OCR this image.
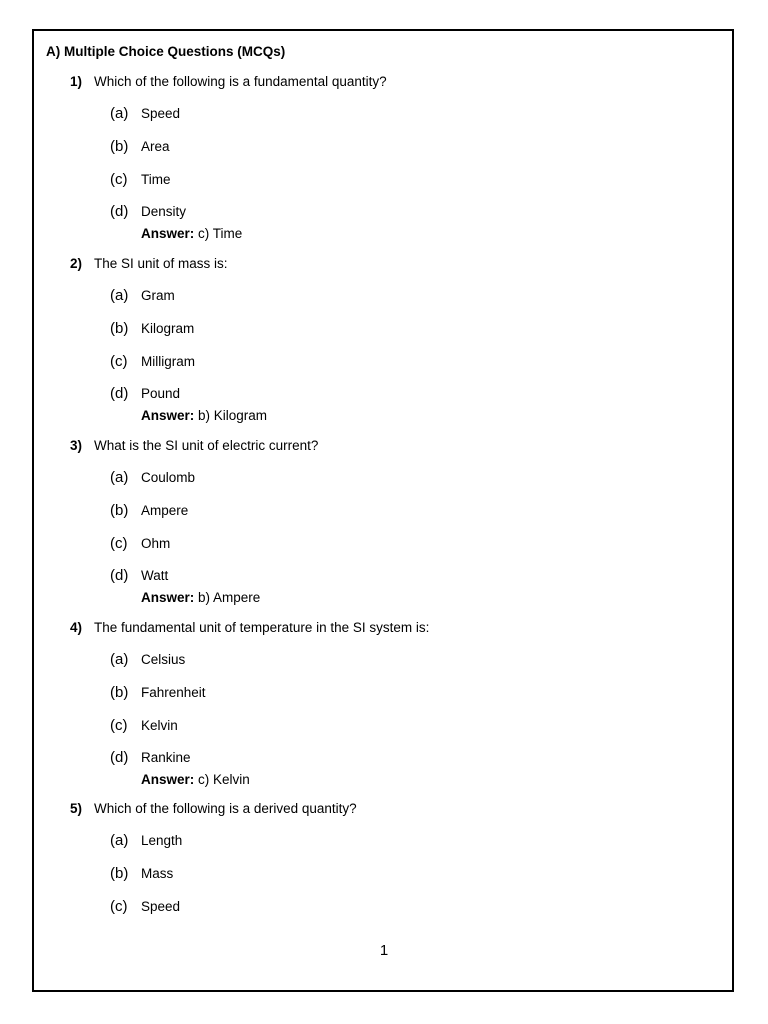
A) Multiple Choice Questions (MCQs)
1) Which of the following is a fundamental quantity?
(a) Speed
(b) Area
(c) Time
(d) Density
Answer: c) Time
2) The SI unit of mass is:
(a) Gram
(b) Kilogram
(c) Milligram
(d) Pound
Answer: b) Kilogram
3) What is the SI unit of electric current?
(a) Coulomb
(b) Ampere
(c) Ohm
(d) Watt
Answer: b) Ampere
4) The fundamental unit of temperature in the SI system is:
(a) Celsius
(b) Fahrenheit
(c) Kelvin
(d) Rankine
Answer: c) Kelvin
5) Which of the following is a derived quantity?
(a) Length
(b) Mass
(c) Speed
1
